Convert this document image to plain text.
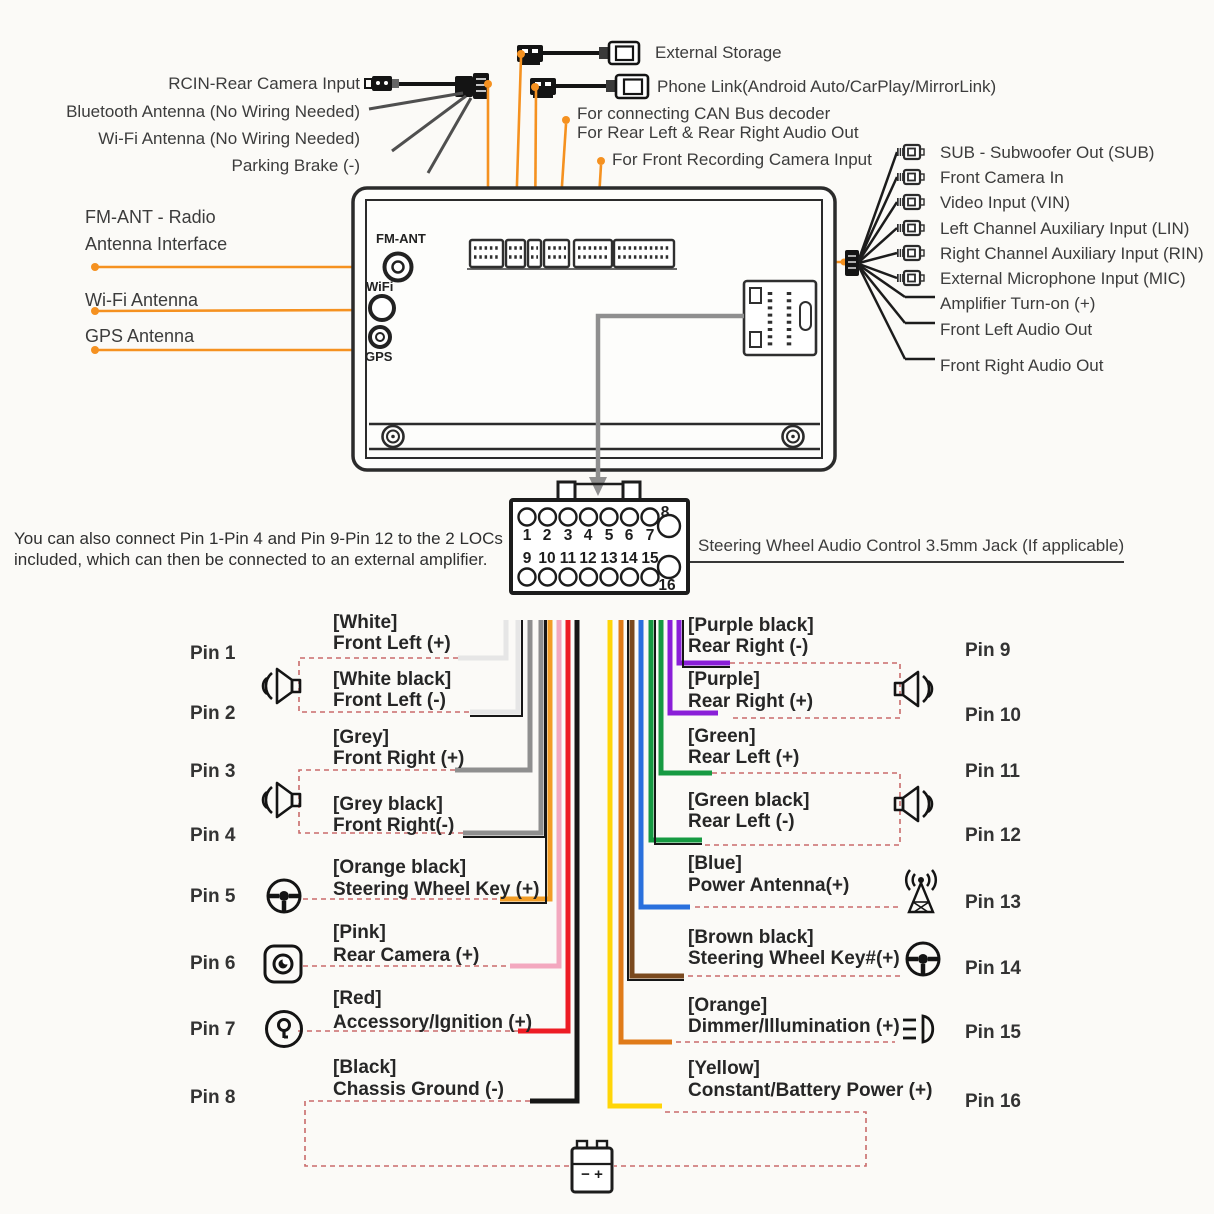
External Storage
Phone Link(Android Auto/CarPlay/MirrorLink)
RCIN-Rear Camera Input
Bluetooth Antenna (No Wiring Needed)
Wi-Fi Antenna (No Wiring Needed)
Parking Brake (-)
For connecting CAN Bus decoder
For Rear Left & Rear Right Audio Out
For Front Recording Camera Input
FM-ANT - Radio
Antenna Interface
Wi-Fi Antenna
GPS Antenna
FM-ANT
WiFi
GPS
SUB - Subwoofer Out (SUB)
Front Camera In
Video Input (VIN)
Left Channel Auxiliary Input (LIN)
Right Channel Auxiliary Input (RIN)
External Microphone Input (MIC)
Amplifier Turn-on (+)
Front Left Audio Out
Front Right Audio Out
You can also connect Pin 1-Pin 4 and Pin 9-Pin 12 to the 2 LOCs
included, which can then be connected to an external amplifier.
Steering Wheel Audio Control 3.5mm Jack (If applicable)
1 2 3 4 5 6 7
8
9 10 11 12 13 14 15
16
Pin 1
[White]
Front Left (+)
Pin 2
[White black]
Front Left (-)
Pin 3
[Grey]
Front Right (+)
Pin 4
[Grey black]
Front Right(-)
Pin 5
[Orange black]
Steering Wheel Key (+)
Pin 6
[Pink]
Rear Camera (+)
Pin 7
[Red]
Accessory/Ignition (+)
Pin 8
[Black]
Chassis Ground (-)
Pin 9
[Purple black]
Rear Right (-)
Pin 10
[Purple]
Rear Right (+)
Pin 11
[Green]
Rear Left (+)
Pin 12
[Green black]
Rear Left (-)
Pin 13
[Blue]
Power Antenna(+)
Pin 14
[Brown black]
Steering Wheel Key#(+)
Pin 15
[Orange]
Dimmer/Illumination (+)
Pin 16
[Yellow]
Constant/Battery Power (+)
− +
